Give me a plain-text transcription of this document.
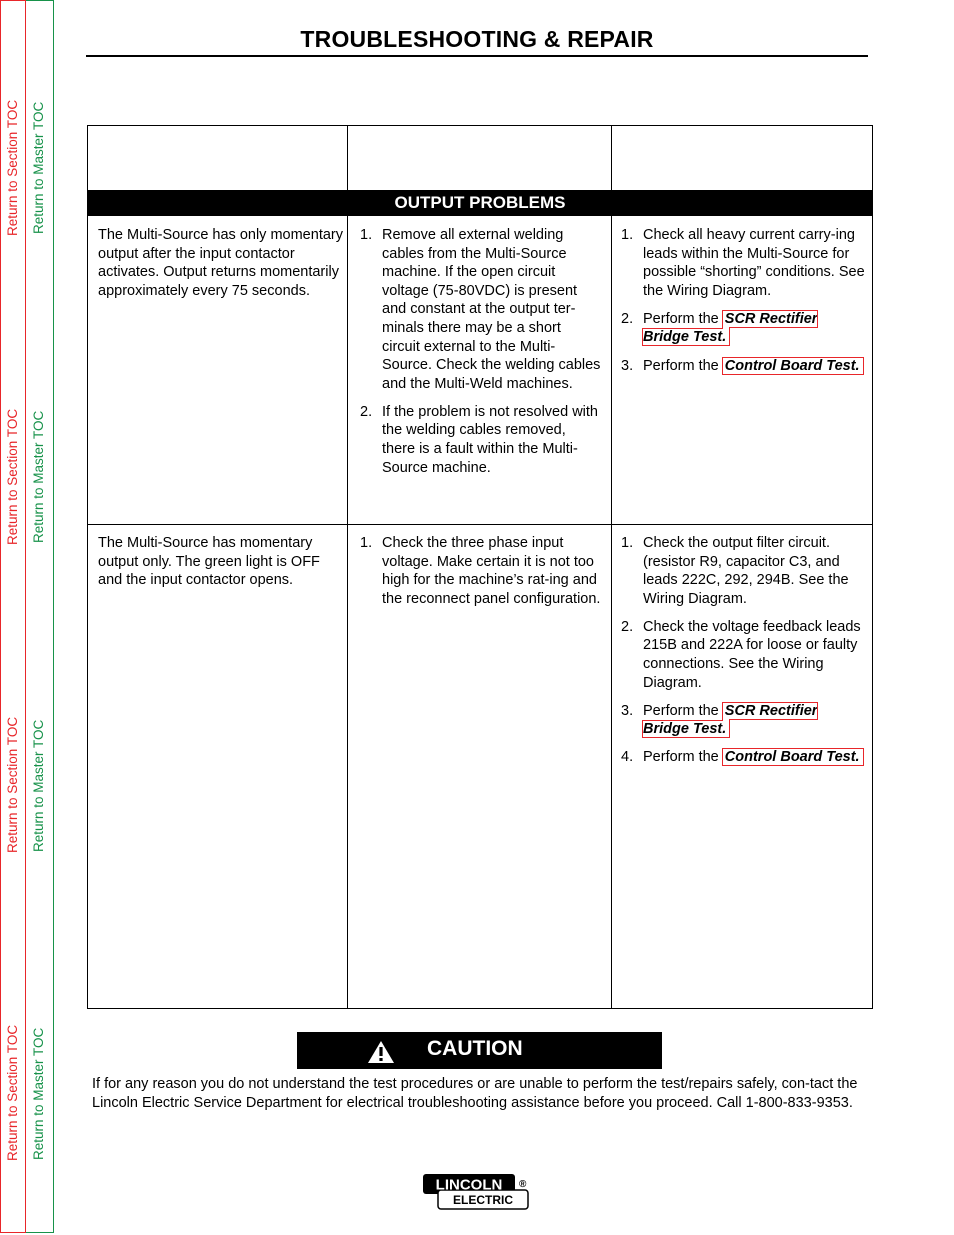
Return to Section TOC Return to Master TOC
Return to Section TOC Return to Master TOC
Return to Section TOC Return to Master TOC
Return to Section TOC Return to Master TOC
TROUBLESHOOTING & REPAIR
OUTPUT PROBLEMS

The Multi-Source has only momentary output after the input contactor activates. Output returns momentarily approximately every 75 seconds.

1. Remove all external welding cables from the Multi-Source machine. If the open circuit voltage (75-80VDC) is present and constant at the output ter-minals there may be a short circuit external to the Multi-Source. Check the welding cables and the Multi-Weld machines.
2. If the problem is not resolved with the welding cables removed, there is a fault within the Multi-Source machine.
1. Check all heavy current carry-ing leads within the Multi-Source for possible “shorting” conditions. See the Wiring Diagram.
2. Perform the SCR Rectifier Bridge Test.
3. Perform the Control Board Test.

The Multi-Source has momentary output only. The green light is OFF and the input contactor opens.

1. Check the three phase input voltage. Make certain it is not too high for the machine’s rat-ing and the reconnect panel configuration.
1. Check the output filter circuit. (resistor R9, capacitor C3, and leads 222C, 292, 294B. See the Wiring Diagram.
2. Check the voltage feedback leads 215B and 222A for loose or faulty connections. See the Wiring Diagram.
3. Perform the SCR Rectifier Bridge Test.
4. Perform the Control Board Test.
CAUTION
If for any reason you do not understand the test procedures or are unable to perform the test/repairs safely, con-tact the Lincoln Electric Service Department for electrical troubleshooting assistance before you proceed. Call 1-800-833-9353.
LINCOLN
ELECTRIC
®
